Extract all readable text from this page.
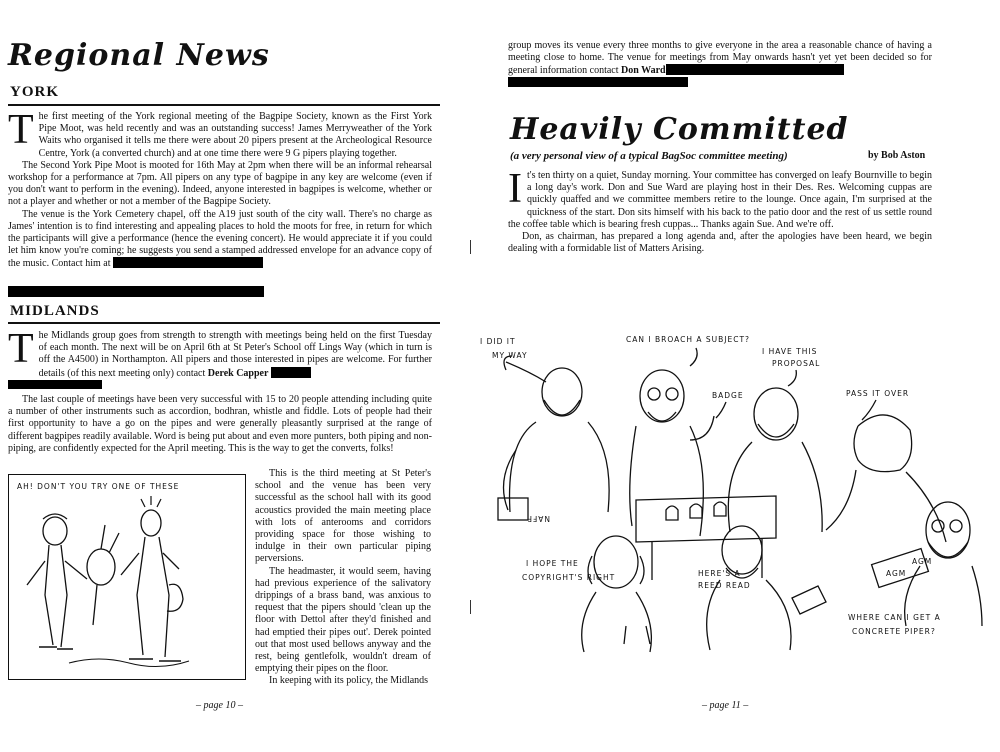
Regional News
YORK
The first meeting of the York regional meeting of the Bagpipe Society, known as the First York Pipe Moot, was held recently and was an outstanding success! James Merryweather of the York Waits who organised it tells me there were about 20 pipers present at the Archeological Resource Centre, York (a converted church) and at one time there were 9 G pipers playing together.
The Second York Pipe Moot is mooted for 16th May at 2pm when there will be an informal rehearsal workshop for a performance at 7pm. All pipers on any type of bagpipe in any key are welcome (even if you don't want to perform in the evening). Indeed, anyone interested in bagpipes is welcome, whether or not a player and whether or not a member of the Bagpipe Society.
The venue is the York Cemetery chapel, off the A19 just south of the city wall. There's no charge as James' intention is to find interesting and appealing places to hold the moots for free, in return for which the participants will give a performance (hence the evening concert). He would appreciate it if you could let him know you're coming; he suggests you send a stamped addressed envelope for an advance copy of the music. Contact him at
MIDLANDS
The Midlands group goes from strength to strength with meetings being held on the first Tuesday of each month. The next will be on April 6th at St Peter's School off Lings Way (which in turn is off the A4500) in Northampton. All pipers and those interested in pipes are welcome. For further details (of this next meeting only) contact Derek Capper
The last couple of meetings have been very successful with 15 to 20 people attending including quite a number of other instruments such as accordion, bodhran, whistle and fiddle. Lots of people had their first opportunity to have a go on the pipes and were generally pleasantly surprised at the range of different bagpipes readily available. Word is being put about and even more punters, both piping and non-piping, are confidently expected for the April meeting. This is the way to get the converts, folks!
AH! DON'T YOU TRY ONE OF THESE
This is the third meeting at St Peter's school and the venue has been very successful as the school hall with its good acoustics provided the main meeting place with lots of anterooms and corridors providing space for those wishing to indulge in their own particular piping perversions.
The headmaster, it would seem, having had previous experience of the salivatory drippings of a brass band, was anxious to request that the pipers should 'clean up the floor with Dettol after they'd finished and had emptied their pipes out'. Derek pointed out that most used bellows anyway and the rest, being gentlefolk, wouldn't dream of emptying their pipes on the floor.
In keeping with its policy, the Midlands
– page 10 –
group moves its venue every three months to give everyone in the area a reasonable chance of having a meeting close to home. The venue for meetings from May onwards hasn't yet yet been decided so for general information contact Don Ward
Heavily Committed
(a very personal view of a typical BagSoc committee meeting)	by Bob Aston
It's ten thirty on a quiet, Sunday morning. Your committee has converged on leafy Bournville to begin a long day's work. Don and Sue Ward are playing host in their Des. Res. Welcoming cuppas are quickly quaffed and we committee members retire to the lounge. Once again, I'm surprised at the quickness of the start. Don sits himself with his back to the patio door and the rest of us settle round the coffee table which is bearing fresh cuppas... Thanks again Sue. And we're off.
Don, as chairman, has prepared a long agenda and, after the apologies have been heard, we begin dealing with a formidable list of Matters Arising.
I DID IT
MY WAY
CAN I BROACH A SUBJECT?
I HAVE THIS
PROPOSAL
BADGE	PASS IT OVER
I HOPE THE
COPYRIGHT'S RIGHT	HERE'S A
REED READ
WHERE CAN I GET A
CONCRETE PIPER?
AGM
AGM
NAFF
– page 11 –
